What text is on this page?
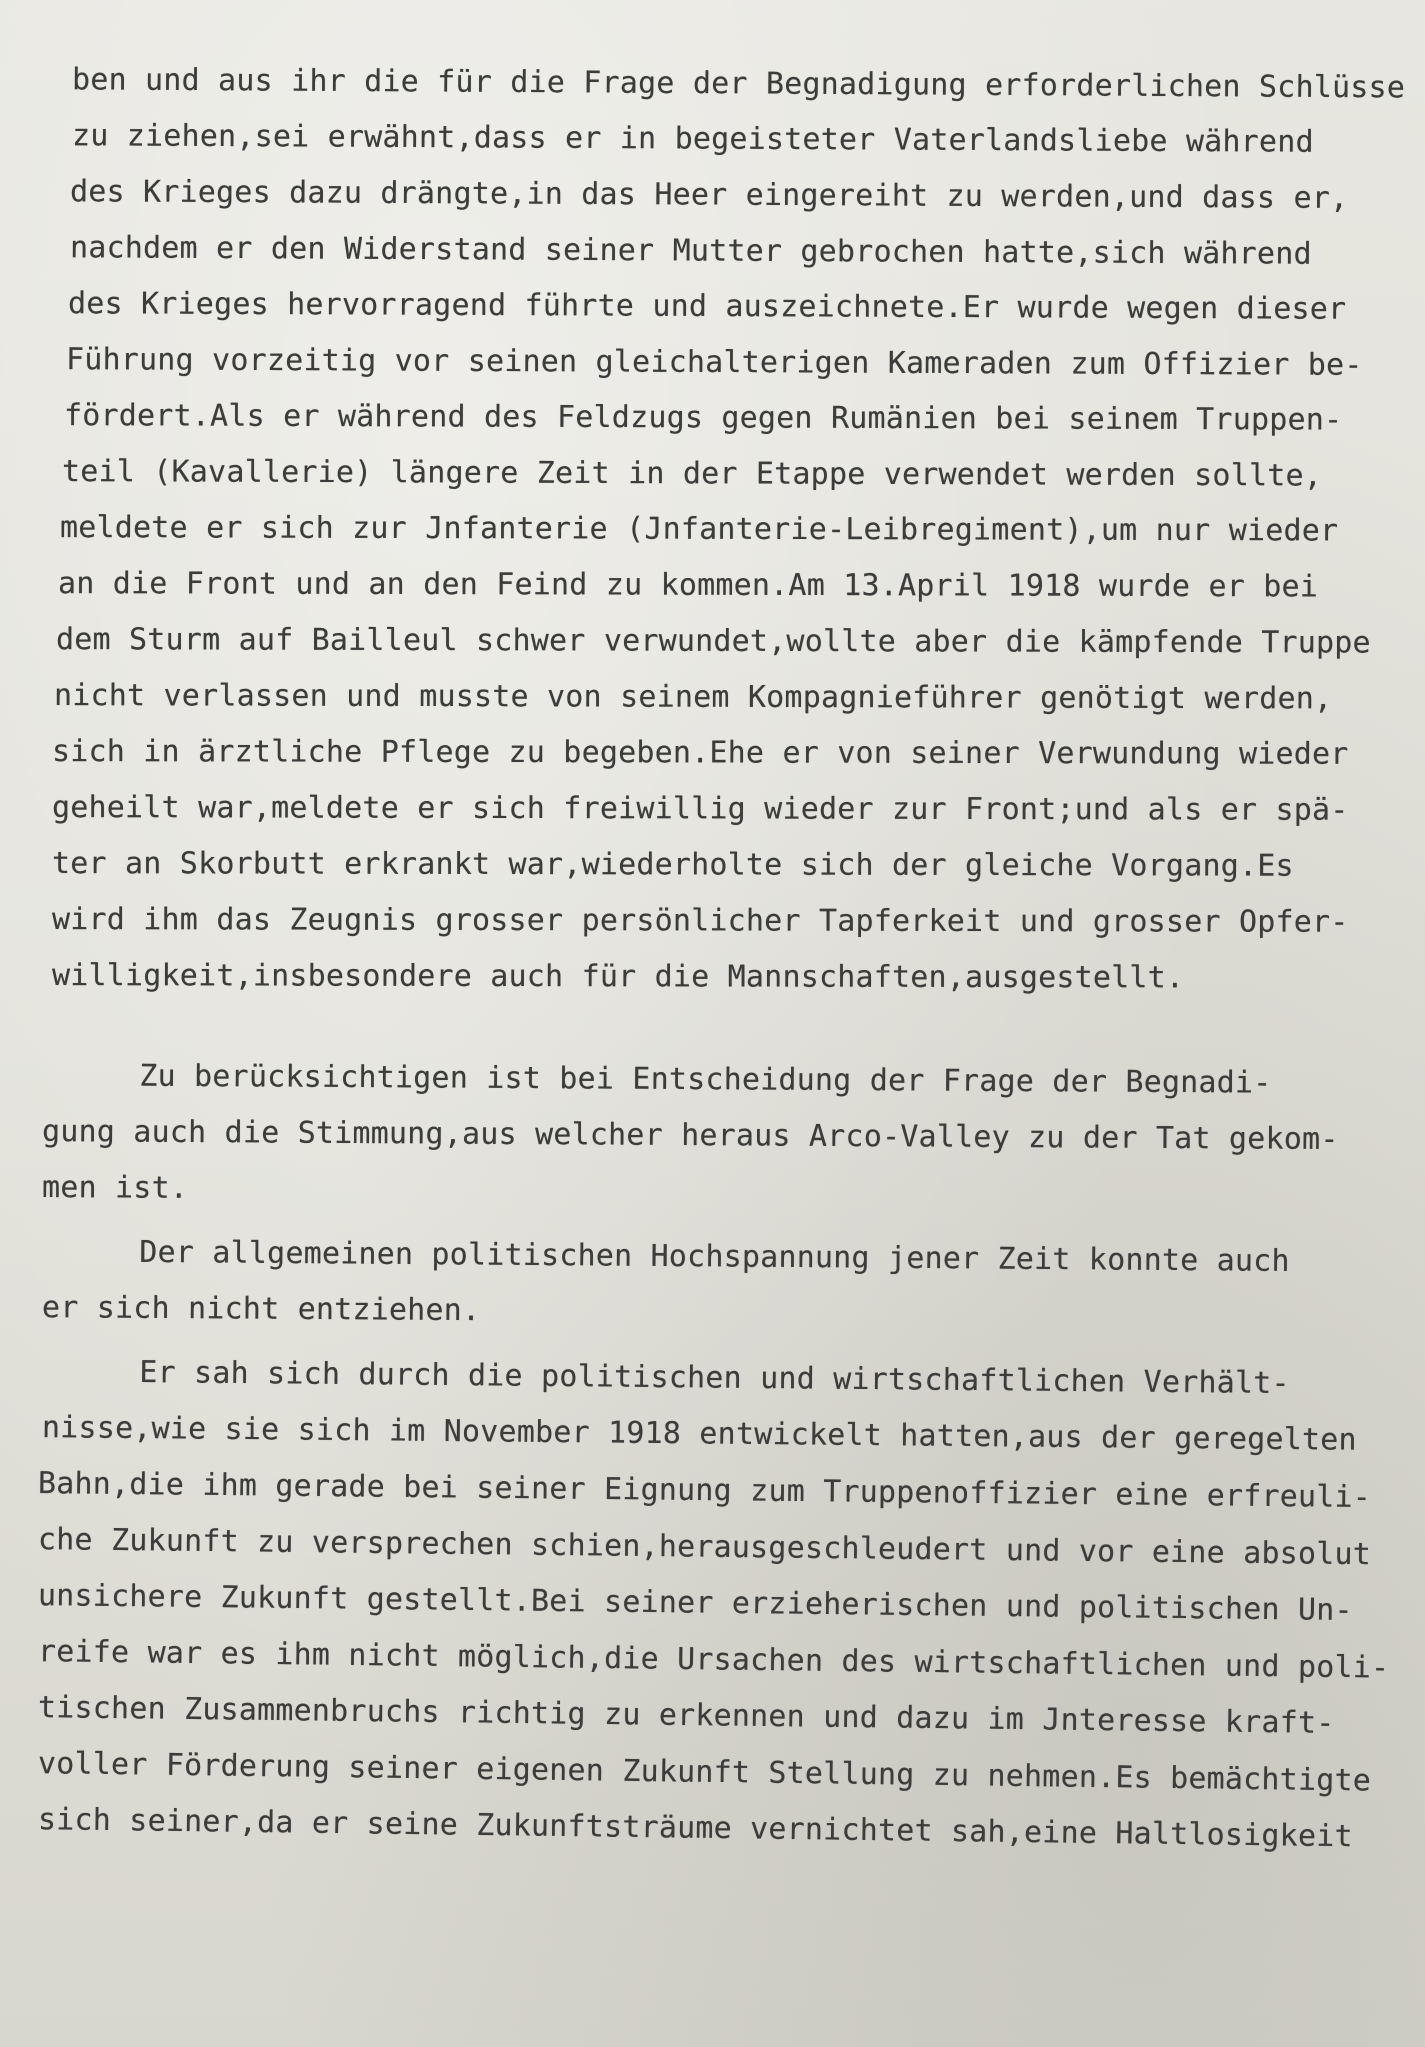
ben und aus ihr die für die Frage der Begnadigung erforderlichen Schlüsse
zu ziehen,sei erwähnt,dass er in begeisteter Vaterlandsliebe während
des Krieges dazu drängte,in das Heer eingereiht zu werden,und dass er,
nachdem er den Widerstand seiner Mutter gebrochen hatte,sich während
des Krieges hervorragend führte und auszeichnete.Er wurde wegen dieser
Führung vorzeitig vor seinen gleichalterigen Kameraden zum Offizier be-
fördert.Als er während des Feldzugs gegen Rumänien bei seinem Truppen-
teil (Kavallerie) längere Zeit in der Etappe verwendet werden sollte,
meldete er sich zur Jnfanterie (Jnfanterie-Leibregiment),um nur wieder
an die Front und an den Feind zu kommen.Am 13.April 1918 wurde er bei
dem Sturm auf Bailleul schwer verwundet,wollte aber die kämpfende Truppe
nicht verlassen und musste von seinem Kompagnieführer genötigt werden,
sich in ärztliche Pflege zu begeben.Ehe er von seiner Verwundung wieder
geheilt war,meldete er sich freiwillig wieder zur Front;und als er spä-
ter an Skorbutt erkrankt war,wiederholte sich der gleiche Vorgang.Es
wird ihm das Zeugnis grosser persönlicher Tapferkeit und grosser Opfer-
willigkeit,insbesondere auch für die Mannschaften,ausgestellt.
Zu berücksichtigen ist bei Entscheidung der Frage der Begnadi-
gung auch die Stimmung,aus welcher heraus Arco-Valley zu der Tat gekom-
men ist.
Der allgemeinen politischen Hochspannung jener Zeit konnte auch
er sich nicht entziehen.
Er sah sich durch die politischen und wirtschaftlichen Verhält-
nisse,wie sie sich im November 1918 entwickelt hatten,aus der geregelten
Bahn,die ihm gerade bei seiner Eignung zum Truppenoffizier eine erfreuli-
che Zukunft zu versprechen schien,herausgeschleudert und vor eine absolut
unsichere Zukunft gestellt.Bei seiner erzieherischen und politischen Un-
reife war es ihm nicht möglich,die Ursachen des wirtschaftlichen und poli-
tischen Zusammenbruchs richtig zu erkennen und dazu im Jnteresse kraft-
voller Förderung seiner eigenen Zukunft Stellung zu nehmen.Es bemächtigte
sich seiner,da er seine Zukunftsträume vernichtet sah,eine Haltlosigkeit
